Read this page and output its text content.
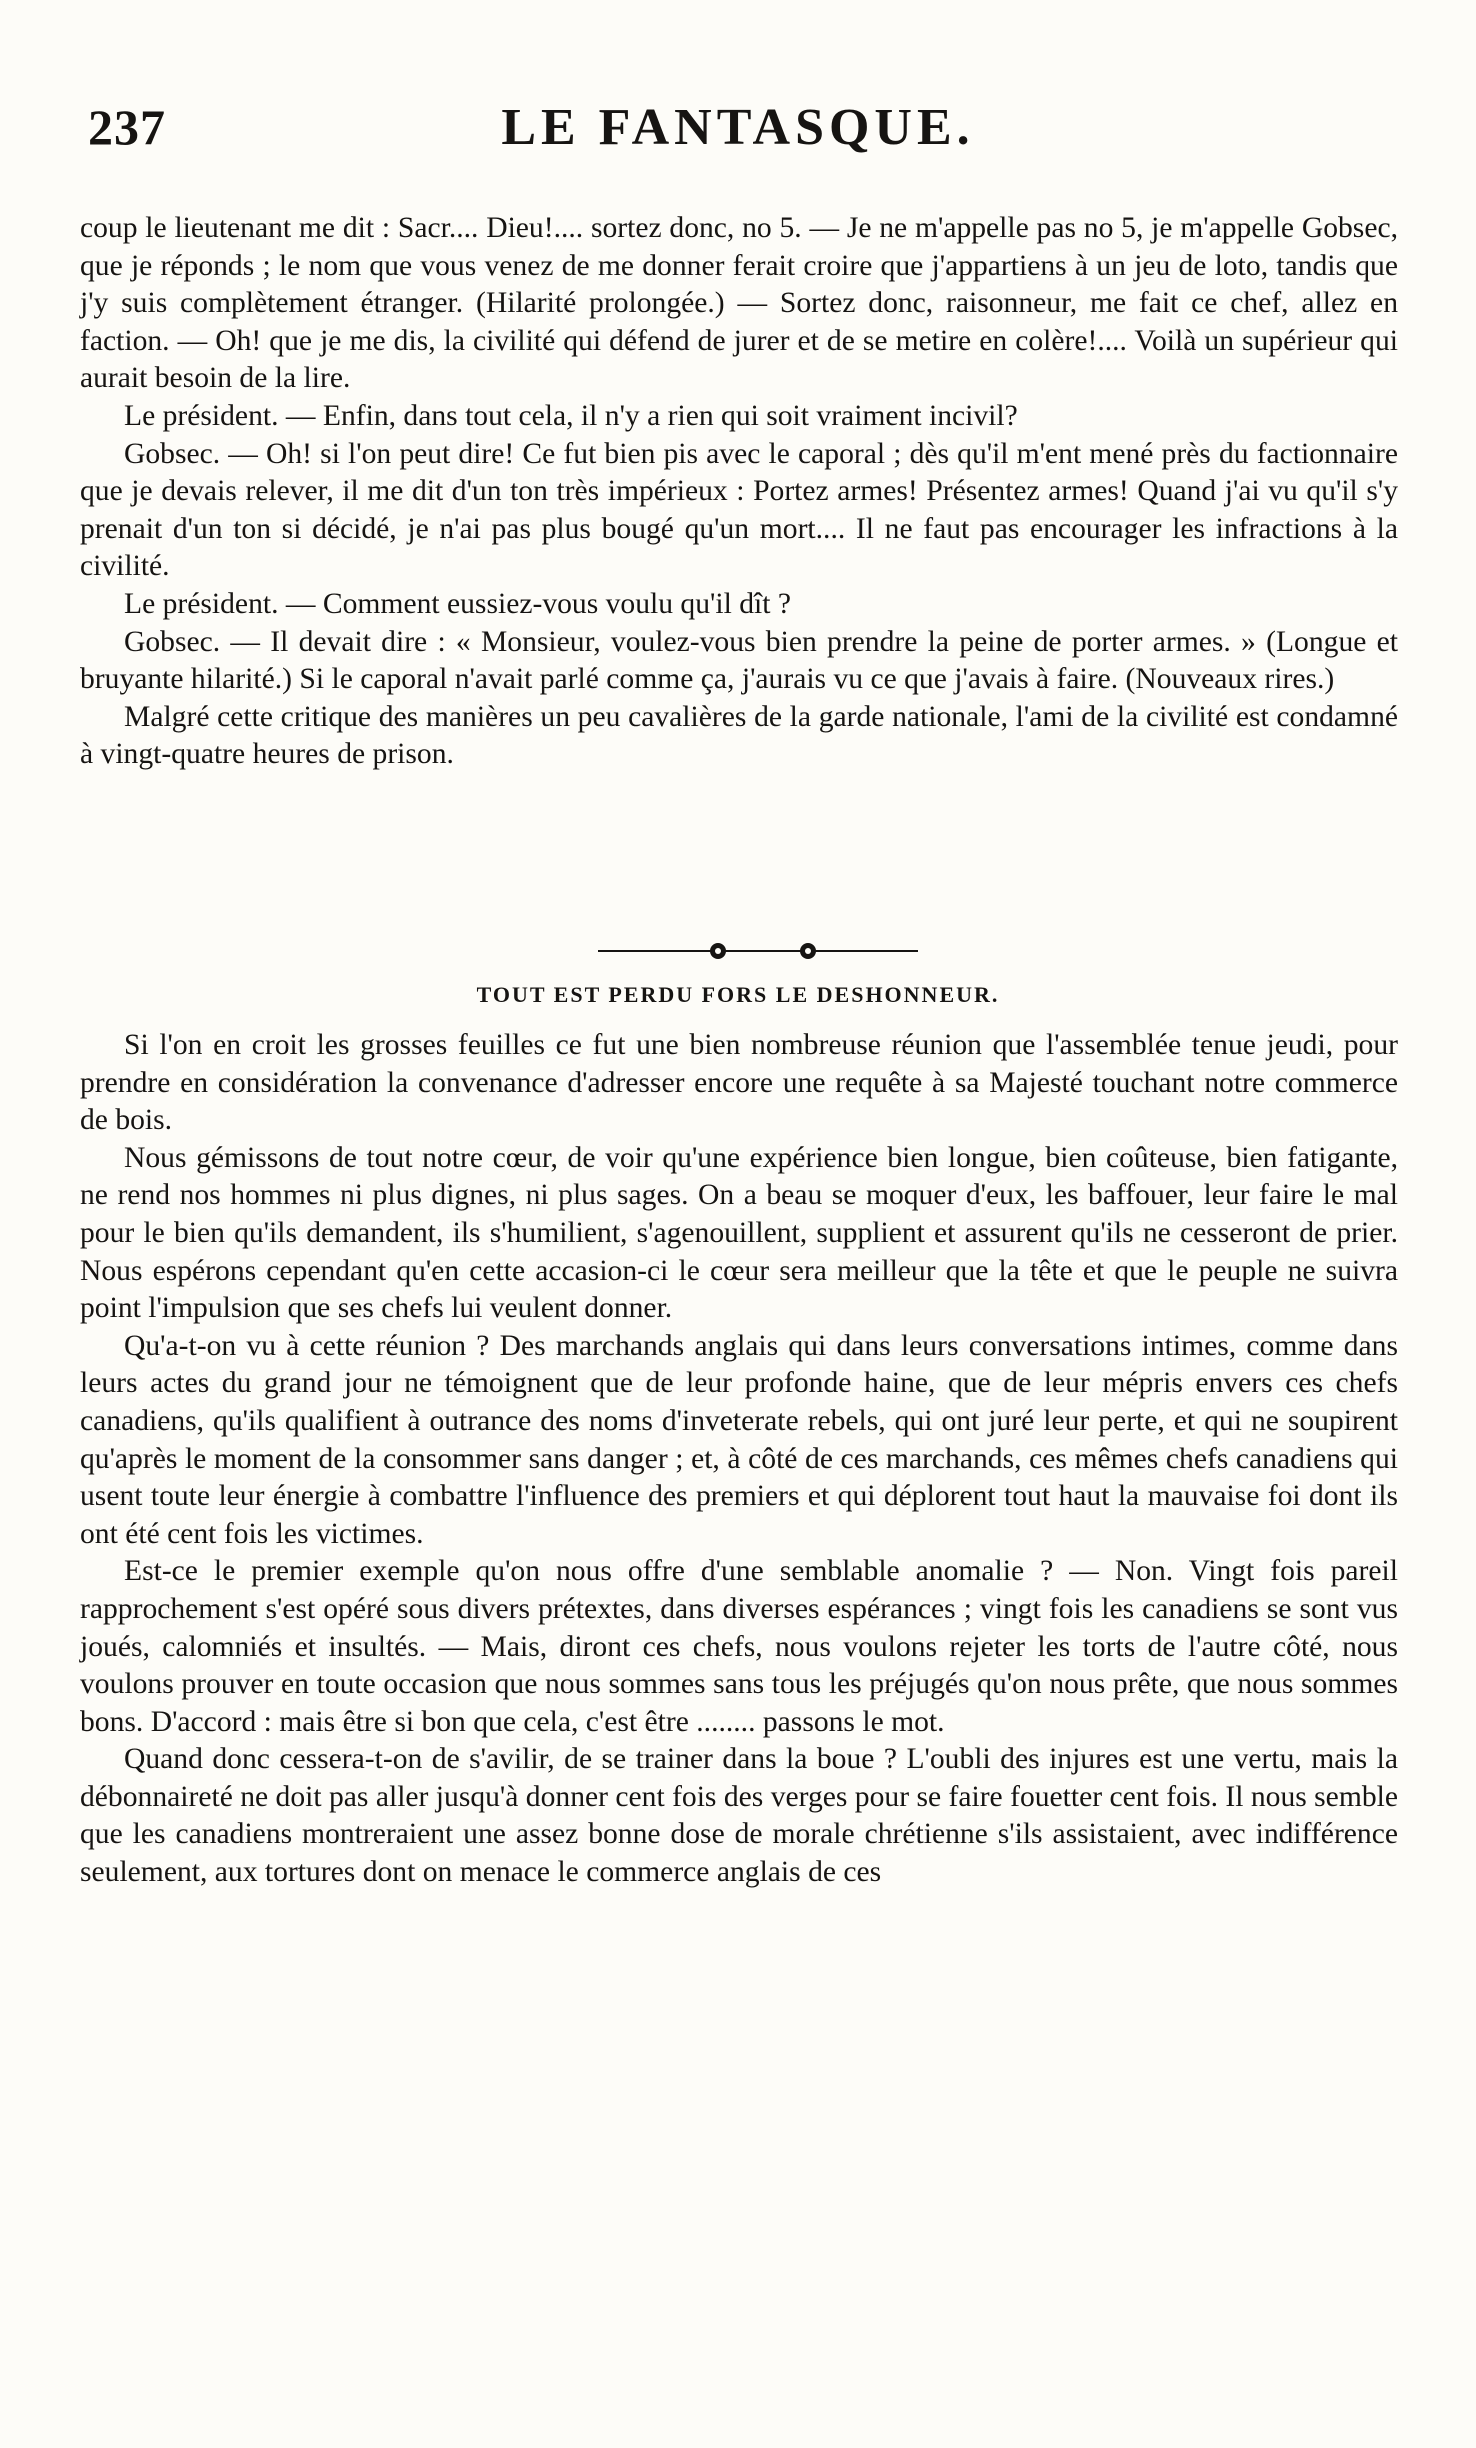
237	LE FANTASQUE.

coup le lieutenant me dit : Sacr.... Dieu!.... sortez donc, no 5. — Je ne m'appelle pas no 5, je m'appelle Gobsec, que je réponds ; le nom que vous venez de me donner ferait croire que j'appartiens à un jeu de loto, tandis que j'y suis complètement étranger. (Hilarité prolongée.) — Sortez donc, raisonneur, me fait ce chef, allez en faction. — Oh! que je me dis, la civilité qui défend de jurer et de se metire en colère!.... Voilà un supérieur qui aurait besoin de la lire.

Le président. — Enfin, dans tout cela, il n'y a rien qui soit vraiment incivil?

Gobsec. — Oh! si l'on peut dire! Ce fut bien pis avec le caporal ; dès qu'il m'ent mené près du factionnaire que je devais relever, il me dit d'un ton très impérieux : Portez armes! Présentez armes! Quand j'ai vu qu'il s'y prenait d'un ton si décidé, je n'ai pas plus bougé qu'un mort.... Il ne faut pas encourager les infractions à la civilité.

Le président. — Comment eussiez-vous voulu qu'il dît ?

Gobsec. — Il devait dire : « Monsieur, voulez-vous bien prendre la peine de porter armes. » (Longue et bruyante hilarité.) Si le caporal n'avait parlé comme ça, j'aurais vu ce que j'avais à faire. (Nouveaux rires.)

Malgré cette critique des manières un peu cavalières de la garde nationale, l'ami de la civilité est condamné à vingt-quatre heures de prison.

TOUT EST PERDU FORS LE DESHONNEUR.

Si l'on en croit les grosses feuilles ce fut une bien nombreuse réunion que l'assemblée tenue jeudi, pour prendre en considération la convenance d'adresser encore une requête à sa Majesté touchant notre commerce de bois.

Nous gémissons de tout notre cœur, de voir qu'une expérience bien longue, bien coûteuse, bien fatigante, ne rend nos hommes ni plus dignes, ni plus sages. On a beau se moquer d'eux, les baffouer, leur faire le mal pour le bien qu'ils demandent, ils s'humilient, s'agenouillent, supplient et assurent qu'ils ne cesseront de prier. Nous espérons cependant qu'en cette accasion-ci le cœur sera meilleur que la tête et que le peuple ne suivra point l'impulsion que ses chefs lui veulent donner.

Qu'a-t-on vu à cette réunion ? Des marchands anglais qui dans leurs conversations intimes, comme dans leurs actes du grand jour ne témoignent que de leur profonde haine, que de leur mépris envers ces chefs canadiens, qu'ils qualifient à outrance des noms d'inveterate rebels, qui ont juré leur perte, et qui ne soupirent qu'après le moment de la consommer sans danger ; et, à côté de ces marchands, ces mêmes chefs canadiens qui usent toute leur énergie à combattre l'influence des premiers et qui déplorent tout haut la mauvaise foi dont ils ont été cent fois les victimes.

Est-ce le premier exemple qu'on nous offre d'une semblable anomalie ? — Non. Vingt fois pareil rapprochement s'est opéré sous divers prétextes, dans diverses espérances ; vingt fois les canadiens se sont vus joués, calomniés et insultés. — Mais, diront ces chefs, nous voulons rejeter les torts de l'autre côté, nous voulons prouver en toute occasion que nous sommes sans tous les préjugés qu'on nous prête, que nous sommes bons. D'accord : mais être si bon que cela, c'est être ........ passons le mot.

Quand donc cessera-t-on de s'avilir, de se trainer dans la boue ? L'oubli des injures est une vertu, mais la débonnaireté ne doit pas aller jusqu'à donner cent fois des verges pour se faire fouetter cent fois. Il nous semble que les canadiens montreraient une assez bonne dose de morale chrétienne s'ils assistaient, avec indifférence seulement, aux tortures dont on menace le commerce anglais de ces
